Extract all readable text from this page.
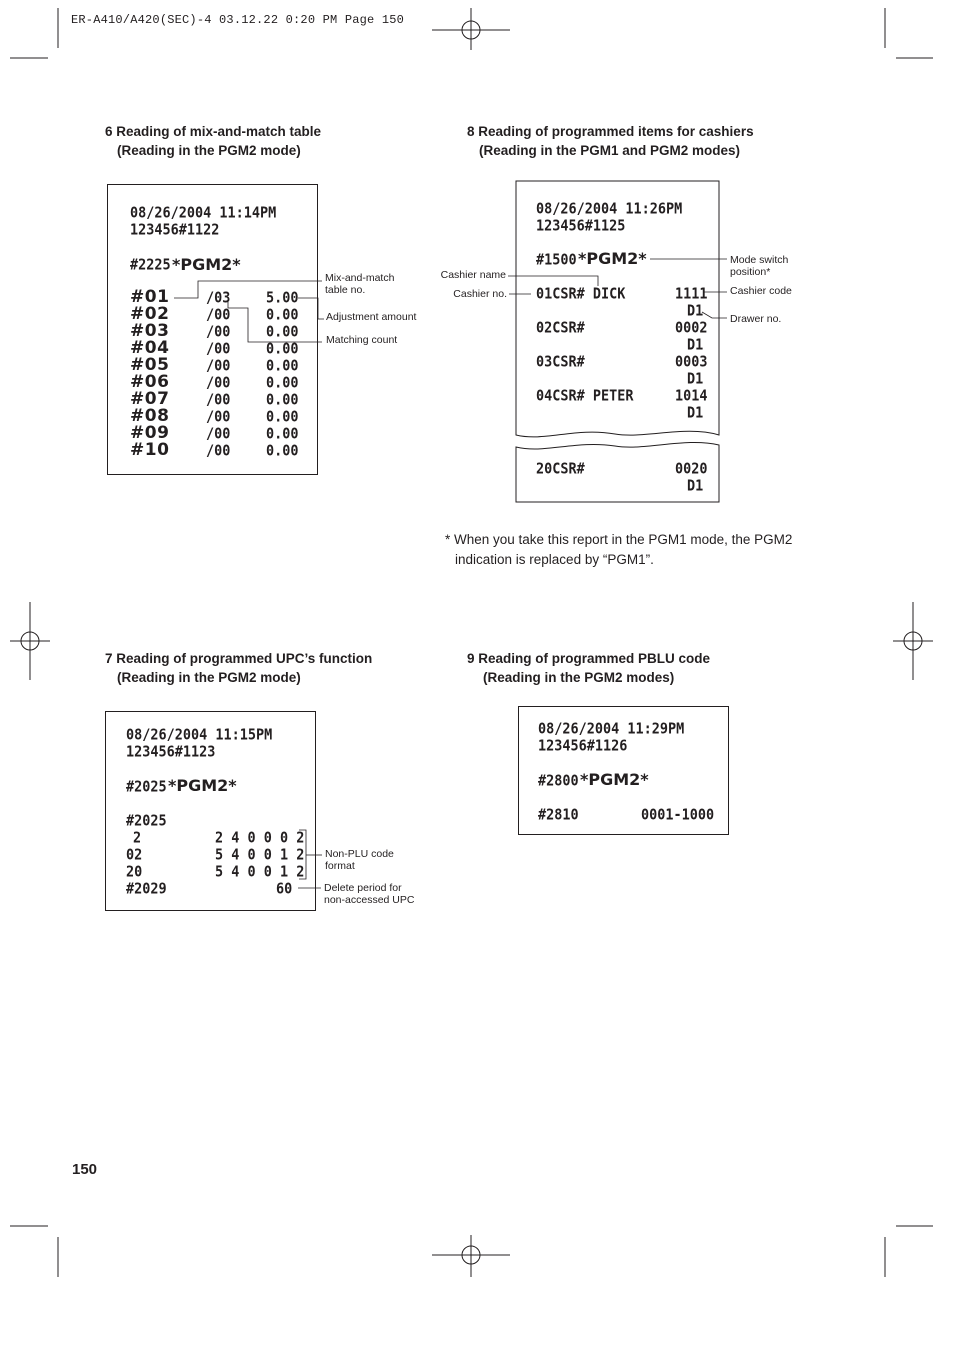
ER-A410/A420(SEC)-4 03.12.22 0:20 PM Page 150
6 Reading of mix-and-match table
(Reading in the PGM2 mode)
08/26/2004 11:14PM
123456#1122
#2225 *PGM2*
#01	/03	5.00
#02	/00	0.00
#03	/00	0.00
#04	/00	0.00
#05	/00	0.00
#06	/00	0.00
#07	/00	0.00
#08	/00	0.00
#09	/00	0.00
#10	/00	0.00
Mix-and-match
table no.
Adjustment amount
Matching count
8 Reading of programmed items for cashiers
(Reading in the PGM1 and PGM2 modes)
08/26/2004 11:26PM
123456#1125
#1500 *PGM2*
01CSR# DICK	1111
D1
02CSR#	0002
D1
03CSR#	0003
D1
04CSR# PETER	1014
D1
20CSR#	0020
D1
Cashier name
Cashier no.
Mode switch
position*
Cashier code
Drawer no.
* When you take this report in the PGM1 mode, the PGM2
indication is replaced by “PGM1”.
7 Reading of programmed UPC’s function
(Reading in the PGM2 mode)
08/26/2004 11:15PM
123456#1123
#2025 *PGM2*
#2025
2	2 4 0 0 0 2
02	5 4 0 0 1 2
20	5 4 0 0 1 2
#2029	60
Non-PLU code
format
Delete period for
non-accessed UPC
9 Reading of programmed PBLU code
(Reading in the PGM2 modes)
08/26/2004 11:29PM
123456#1126
#2800 *PGM2*
#2810	0001-1000
150
